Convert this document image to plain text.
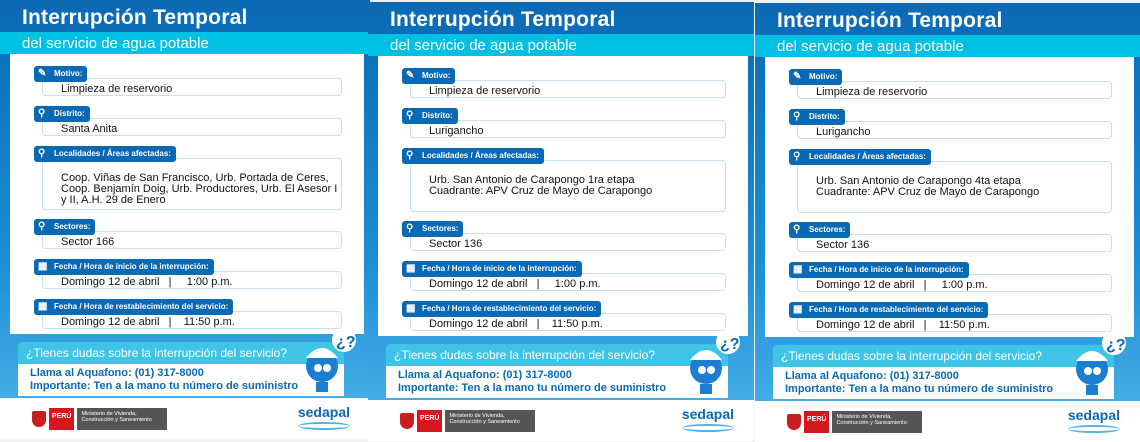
Interrupción Temporal
del servicio de agua potable
✎ Motivo:
Limpieza de reservorio
⚲	Distrito:
Santa Anita
⚲	Localidades / Áreas afectadas:
Coop. Viñas de San Francisco, Urb. Portada de Ceres, Coop. Benjamín Doig, Urb. Productores, Urb. El Asesor I y II, A.H. 29 de Enero
⚲	Sectores:
Sector 166
▦ Fecha / Hora de inicio de la interrupción:
Domingo 12 de abril   |     1:00 p.m.
▦ Fecha / Hora de restablecimiento del servicio:
Domingo 12 de abril   |    11:50 p.m.
¿Tienes dudas sobre la interrupción del servicio?
Llama al Aquafono: (01) 317-8000
Importante: Ten a la mano tu número de suministro
¿?
PERÚ	Ministerio de Vivienda, Construcción y Saneamiento	sedapal
Interrupción Temporal
del servicio de agua potable
✎ Motivo:
Limpieza de reservorio
⚲	Distrito:
Lurigancho
⚲	Localidades / Áreas afectadas:
Urb. San Antonio de Carapongo 1ra etapa
Cuadrante: APV Cruz de Mayo de Carapongo
⚲	Sectores:
Sector 136
▦ Fecha / Hora de inicio de la interrupción:
Domingo 12 de abril   |     1:00 p.m.
▦ Fecha / Hora de restablecimiento del servicio:
Domingo 12 de abril   |    11:50 p.m.
¿Tienes dudas sobre la interrupción del servicio?
Llama al Aquafono: (01) 317-8000
Importante: Ten a la mano tu número de suministro
¿?
PERÚ	Ministerio de Vivienda, Construcción y Saneamiento	sedapal
Interrupción Temporal
del servicio de agua potable
✎ Motivo:
Limpieza de reservorio
⚲	Distrito:
Lurigancho
⚲	Localidades / Áreas afectadas:
Urb. San Antonio de Carapongo 4ta etapa
Cuadrante: APV Cruz de Mayo de Carapongo
⚲	Sectores:
Sector 136
▦ Fecha / Hora de inicio de la interrupción:
Domingo 12 de abril   |     1:00 p.m.
▦ Fecha / Hora de restablecimiento del servicio:
Domingo 12 de abril   |    11:50 p.m.
¿Tienes dudas sobre la interrupción del servicio?
Llama al Aquafono: (01) 317-8000
Importante: Ten a la mano tu número de suministro
¿?
PERÚ	Ministerio de Vivienda, Construcción y Saneamiento	sedapal
